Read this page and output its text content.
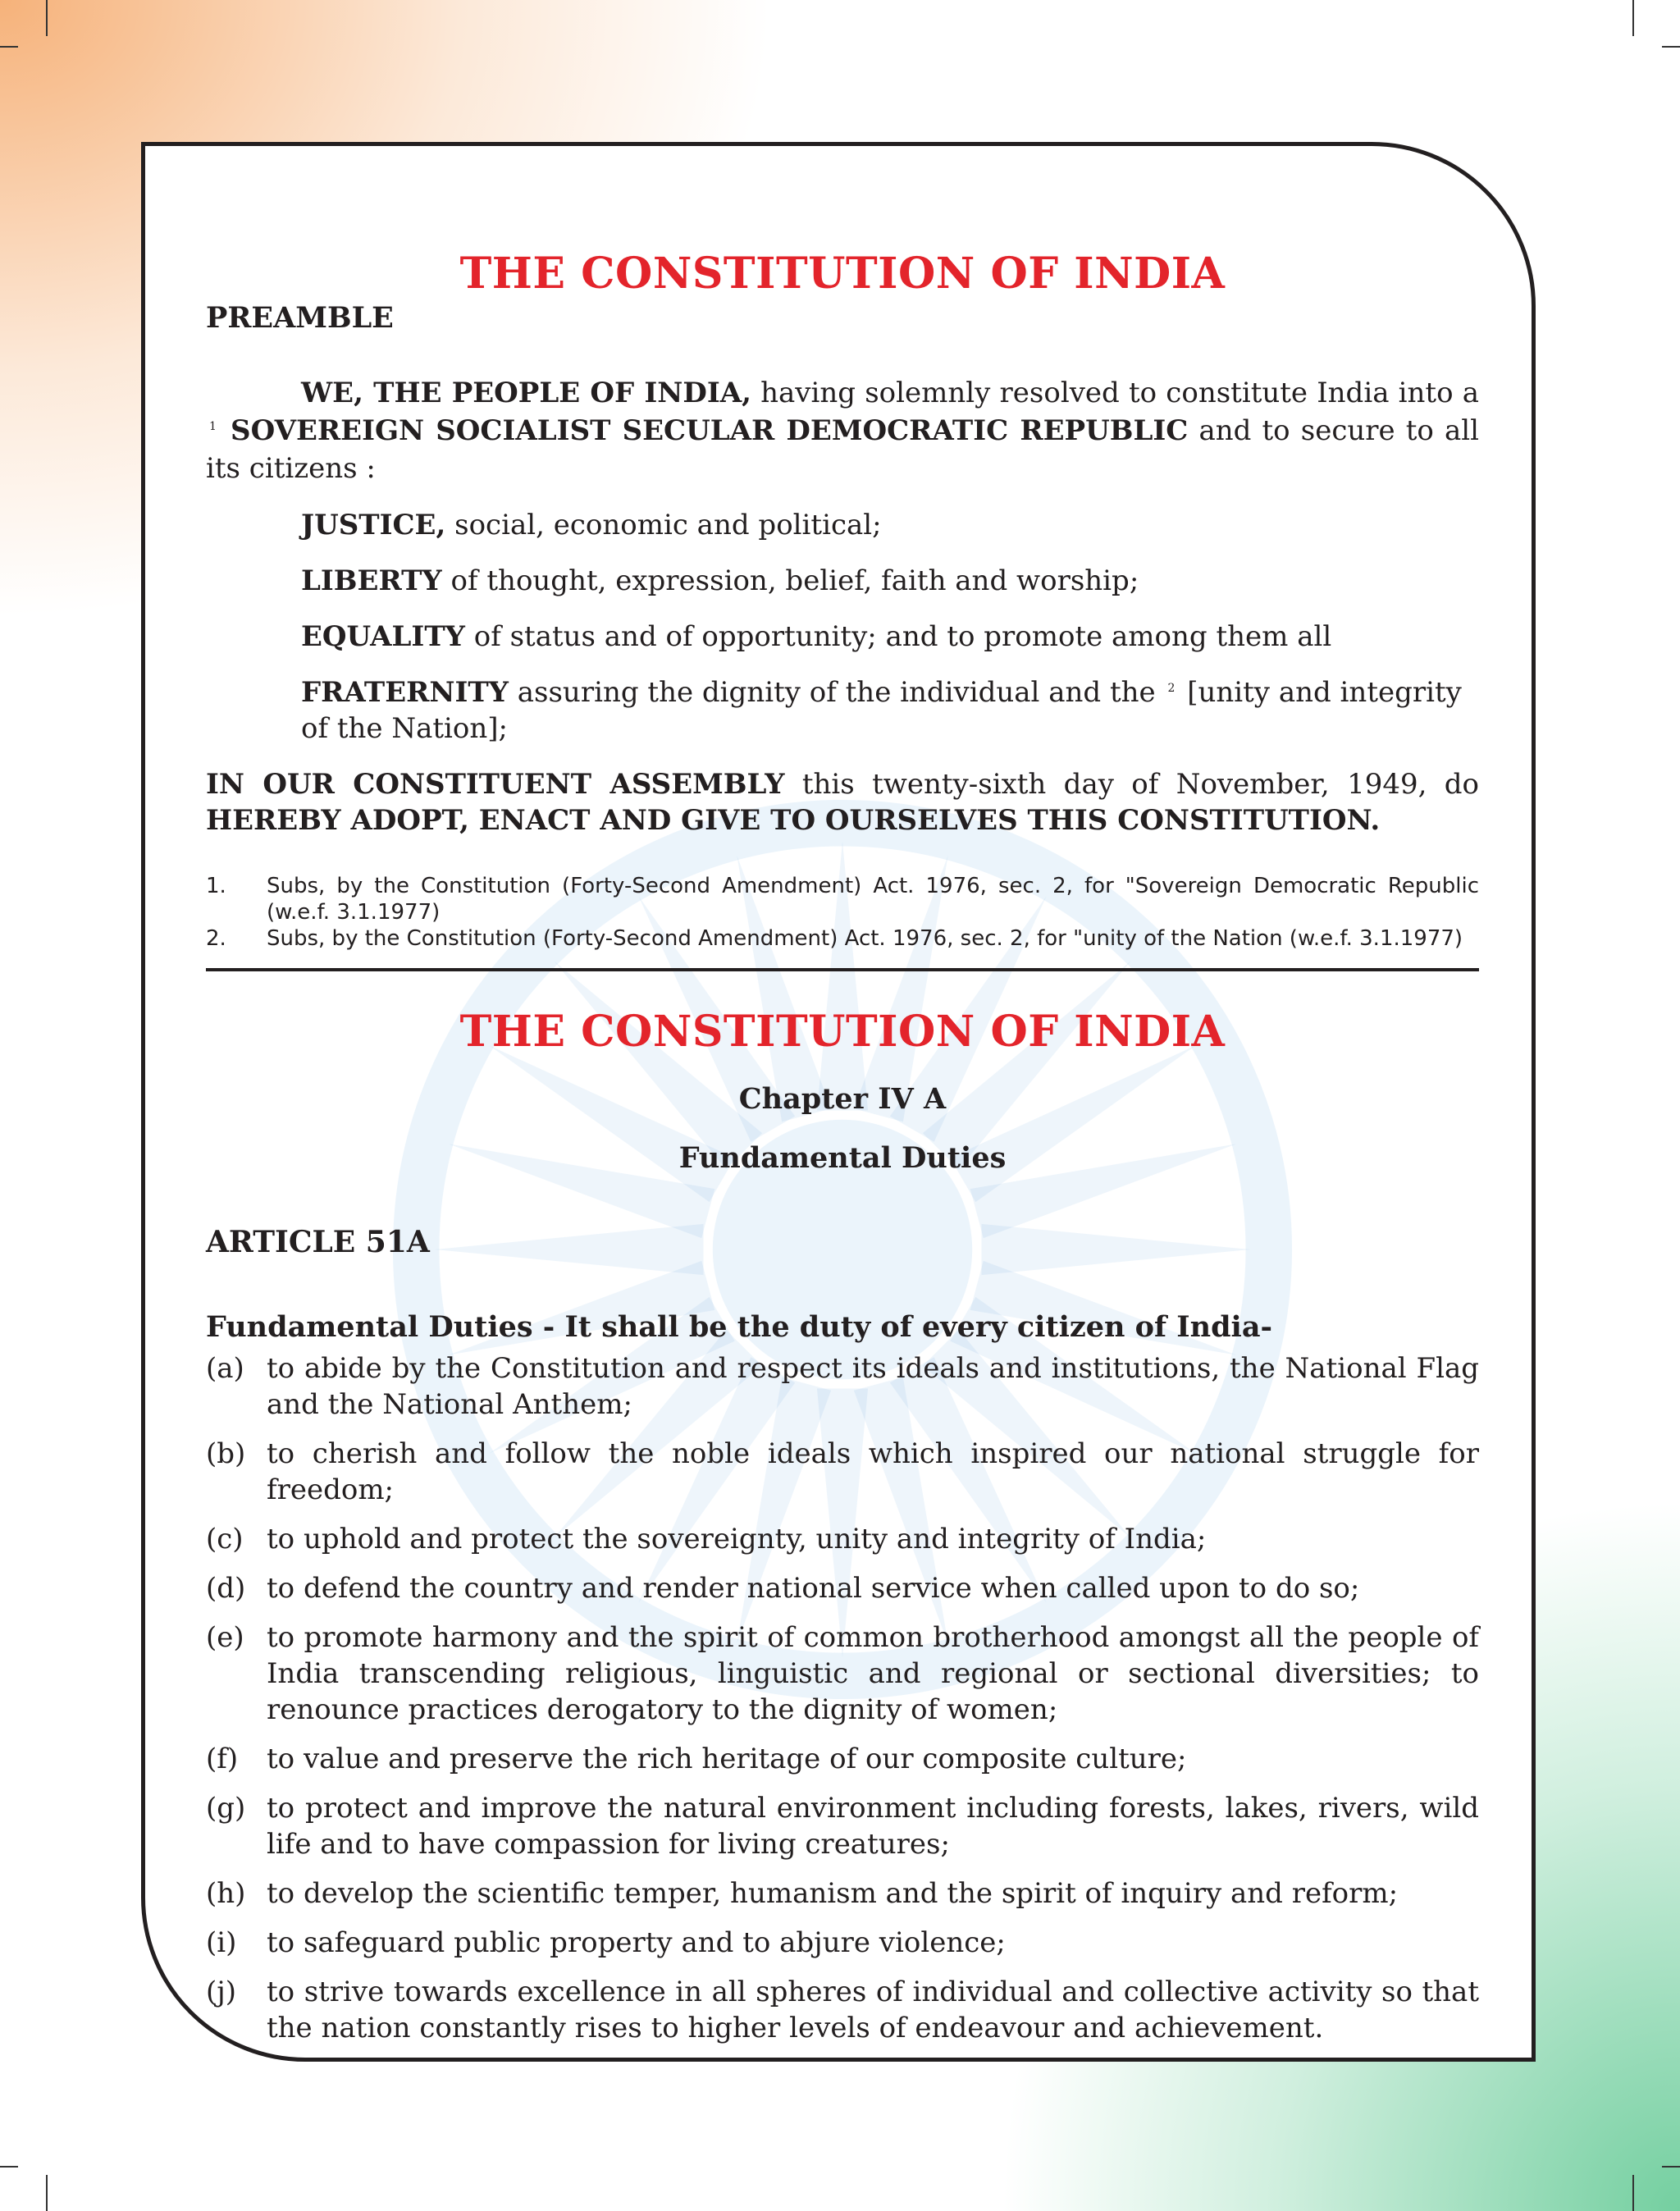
THE CONSTITUTION OF INDIA
PREAMBLE
WE, THE PEOPLE OF INDIA, having solemnly resolved to constitute India into a $^1$ SOVEREIGN SOCIALIST SECULAR DEMOCRATIC REPUBLIC and to secure to all its citizens :
JUSTICE, social, economic and political;
LIBERTY of thought, expression, belief, faith and worship;
EQUALITY of status and of opportunity; and to promote among them all
FRATERNITY assuring the dignity of the individual and the $^2$ [unity and integrity of the Nation];
IN OUR CONSTITUENT ASSEMBLY this twenty-sixth day of November, 1949, do HEREBY ADOPT, ENACT AND GIVE TO OURSELVES THIS CONSTITUTION.
1.	Subs, by the Constitution (Forty-Second Amendment) Act. 1976, sec. 2, for "Sovereign Democratic Republic (w.e.f. 3.1.1977)
2.	Subs, by the Constitution (Forty-Second Amendment) Act. 1976, sec. 2, for "unity of the Nation (w.e.f. 3.1.1977)
THE CONSTITUTION OF INDIA
Chapter IV A
Fundamental Duties
ARTICLE 51A
Fundamental Duties - It shall be the duty of every citizen of India-
(a) to abide by the Constitution and respect its ideals and institutions, the National Flag and the National Anthem;
(b) to cherish and follow the noble ideals which inspired our national struggle for freedom;
(c) to uphold and protect the sovereignty, unity and integrity of India;
(d) to defend the country and render national service when called upon to do so;
(e) to promote harmony and the spirit of common brotherhood amongst all the people of India transcending religious, linguistic and regional or sectional diversities; to renounce practices derogatory to the dignity of women;
(f)	to value and preserve the rich heritage of our composite culture;
(g) to protect and improve the natural environment including forests, lakes, rivers, wild life and to have compassion for living creatures;
(h) to develop the scientific temper, humanism and the spirit of inquiry and reform;
(i)	to safeguard public property and to abjure violence;
(j)	to strive towards excellence in all spheres of individual and collective activity so that the nation constantly rises to higher levels of endeavour and achievement.
